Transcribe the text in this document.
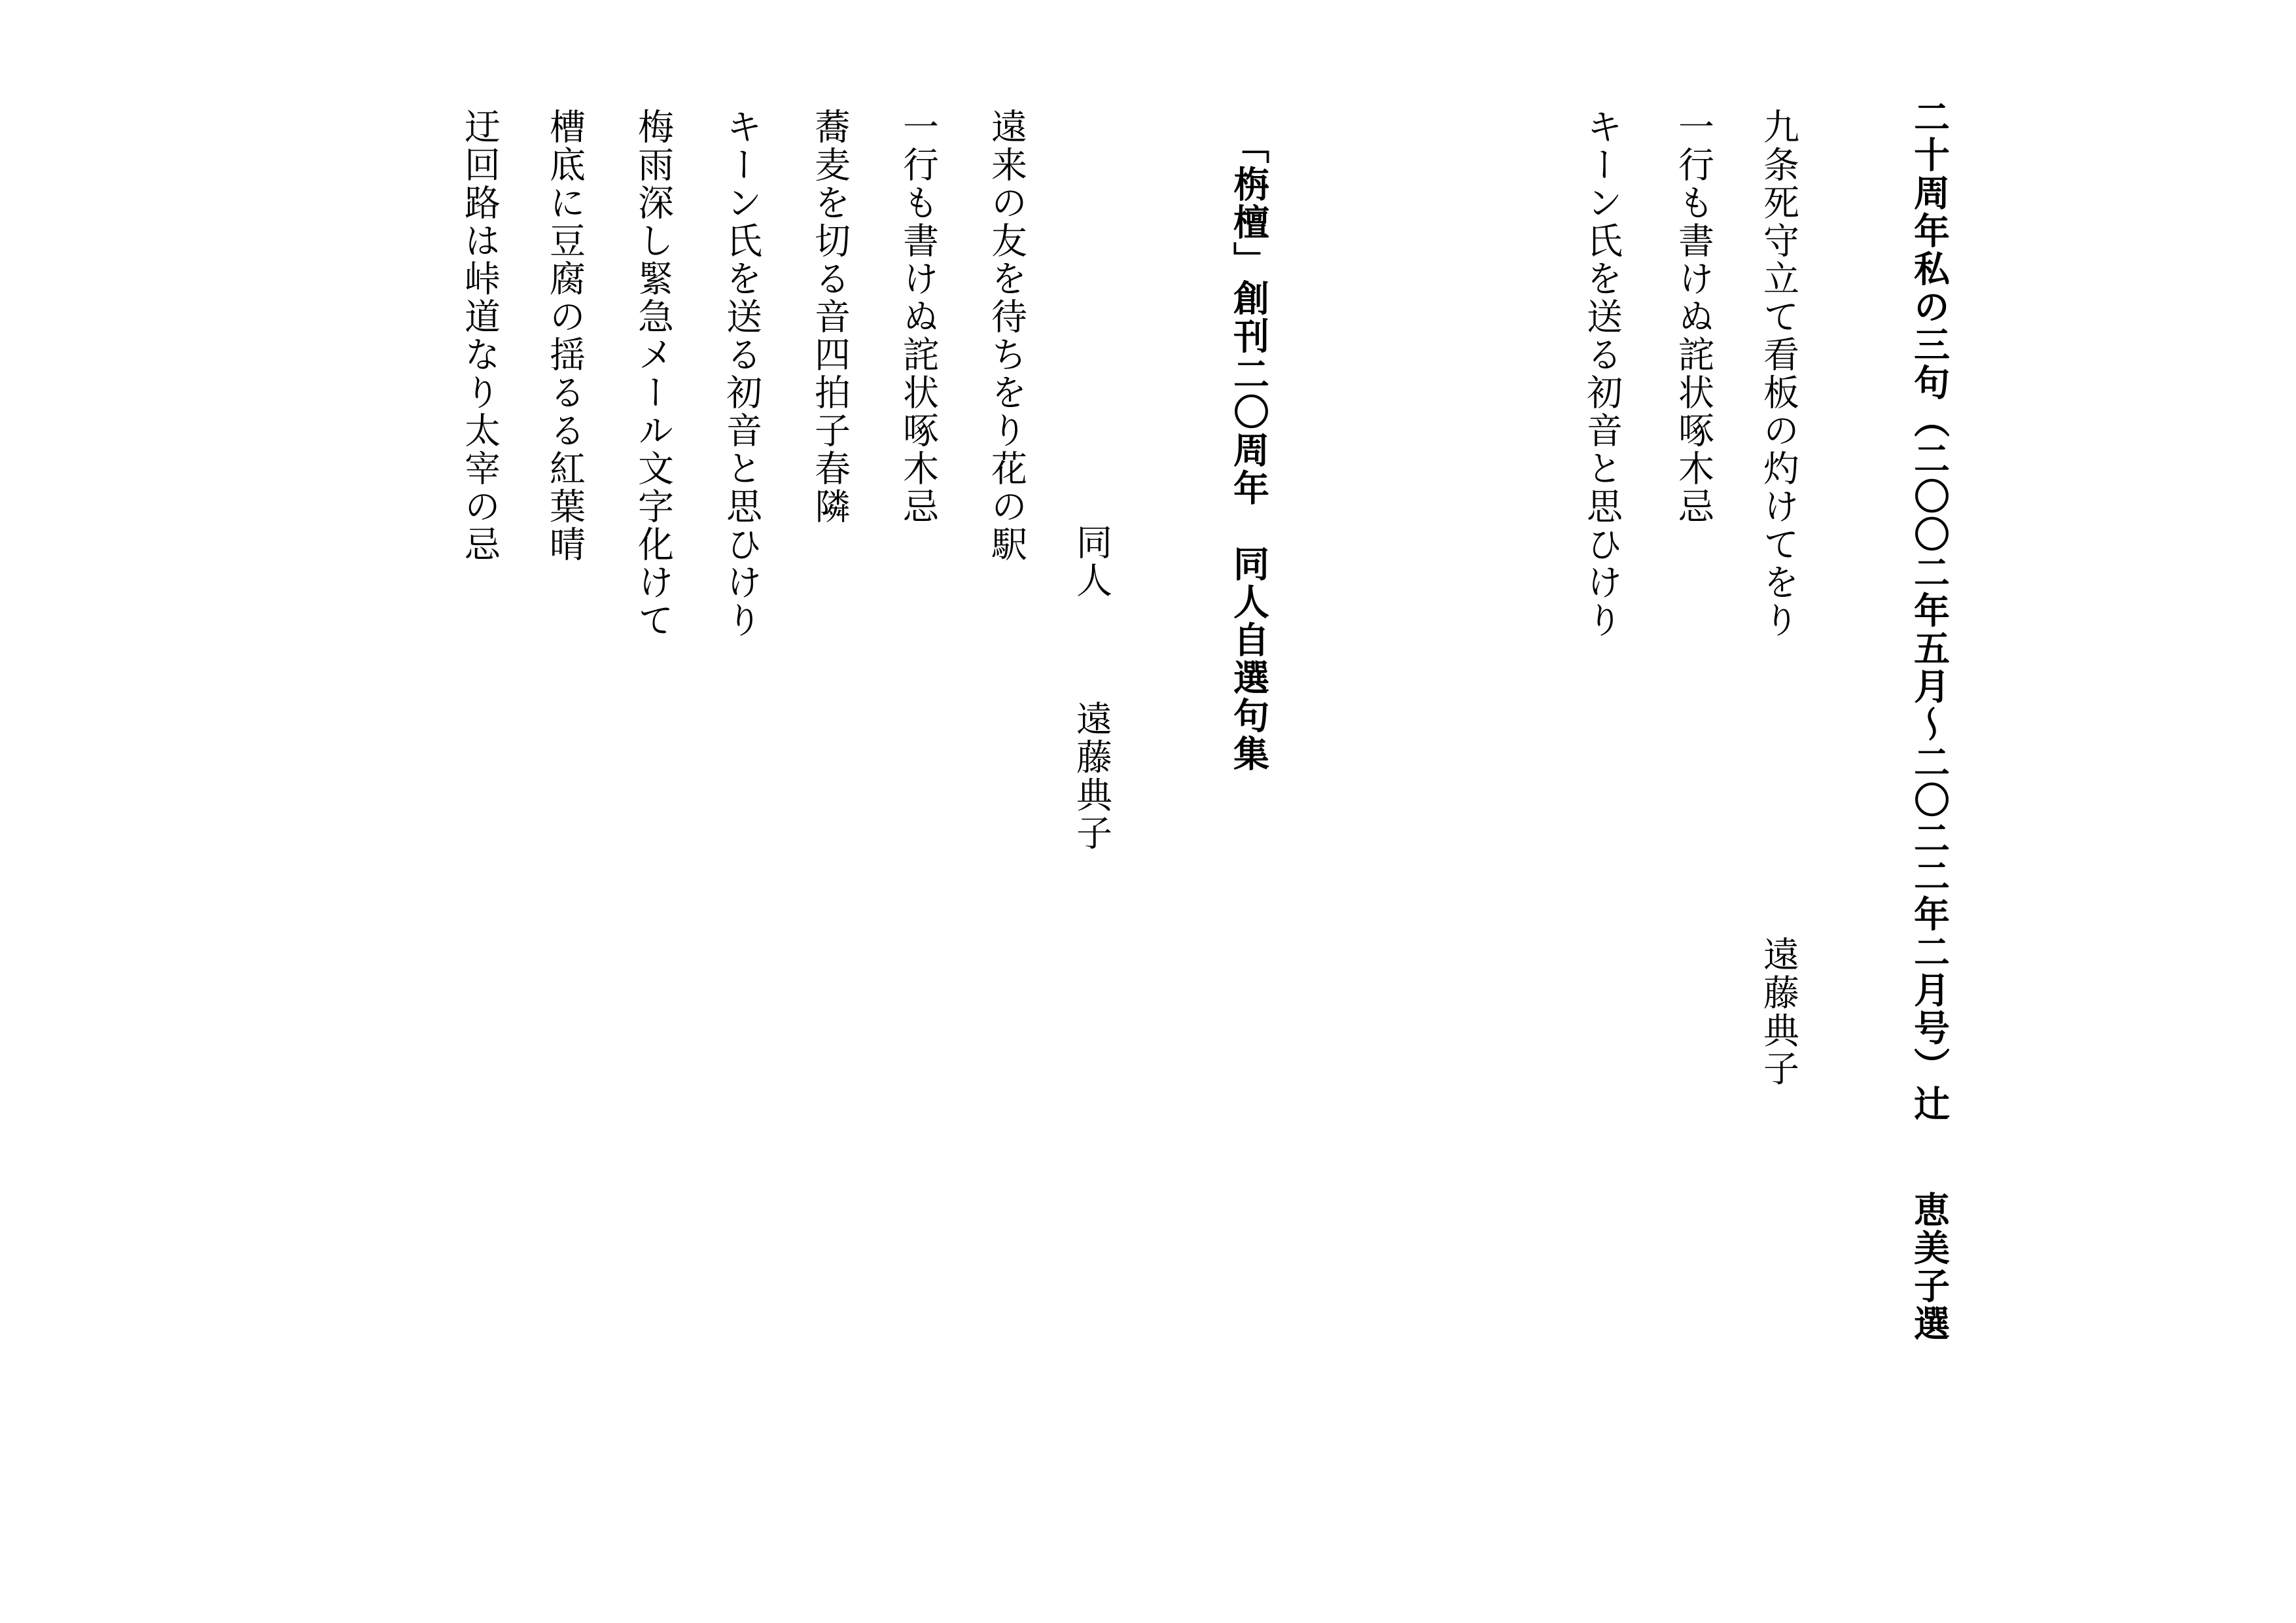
二十周年私の三句（二〇〇二年五月～二〇二二年二月号）辻
恵美子選
九条死守立て看板の灼けてをり
一行も書けぬ詫状啄木忌
キーン氏を送る初音と思ひけり
遠藤典子
「栴檀」創刊二〇周年　同人自選句集
同人
遠藤典子
遠来の友を待ちをり花の駅
一行も書けぬ詫状啄木忌
蕎麦を切る音四拍子春隣
キーン氏を送る初音と思ひけり
梅雨深し緊急メール文字化けて
槽底に豆腐の揺るる紅葉晴
迂回路は峠道なり太宰の忌
